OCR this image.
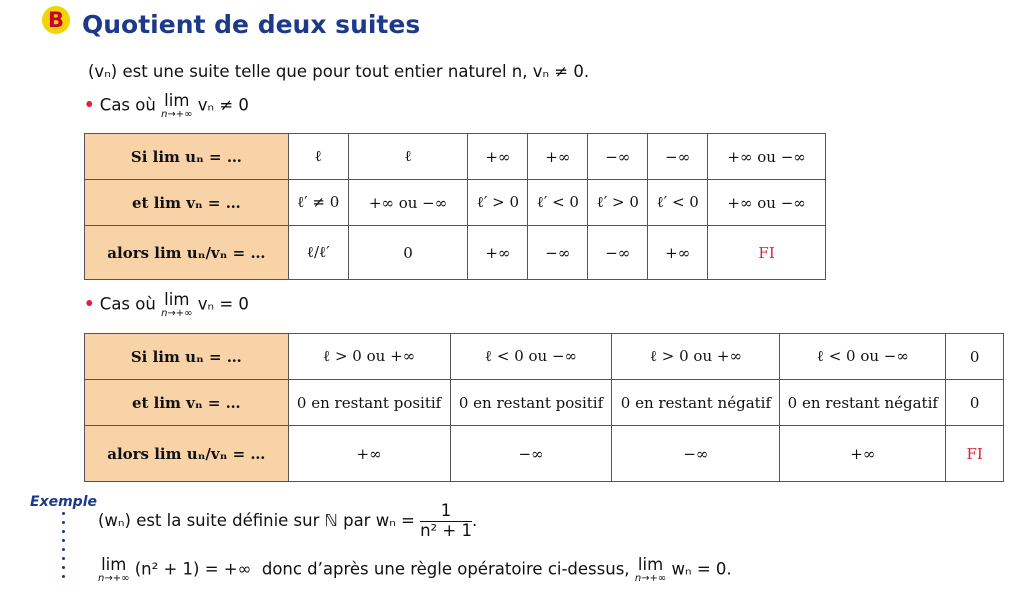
B Quotient de deux suites
(vₙ) est une suite telle que pour tout entier naturel n, vₙ ≠ 0.
• Cas où lim
n→+∞
vₙ ≠ 0
Si lim uₙ = …	ℓ	ℓ	+∞	+∞	−∞	−∞	+∞ ou −∞
et lim vₙ = …	ℓ′ ≠ 0	+∞ ou −∞	ℓ′ > 0	ℓ′ < 0	ℓ′ > 0	ℓ′ < 0	+∞ ou −∞
alors lim uₙ/vₙ = …	ℓ/ℓ′	0	+∞	−∞	−∞	+∞	FI
• Cas où lim
n→+∞
vₙ = 0
Si lim uₙ = …	ℓ > 0 ou +∞	ℓ < 0 ou −∞	ℓ > 0 ou +∞	ℓ < 0 ou −∞	0
et lim vₙ = …	0 en restant positif	0 en restant positif	0 en restant négatif	0 en restant négatif	0
alors lim uₙ/vₙ = …	+∞	−∞	−∞	+∞	FI
Exemple
(wₙ) est la suite définie sur ℕ par $w_n = \frac{1}{\text{n² + 1}}$ .
lim
n→+∞
(n² + 1) = +∞ donc d’après une règle opératoire ci-dessus, lim
n→+∞
wₙ = 0.
